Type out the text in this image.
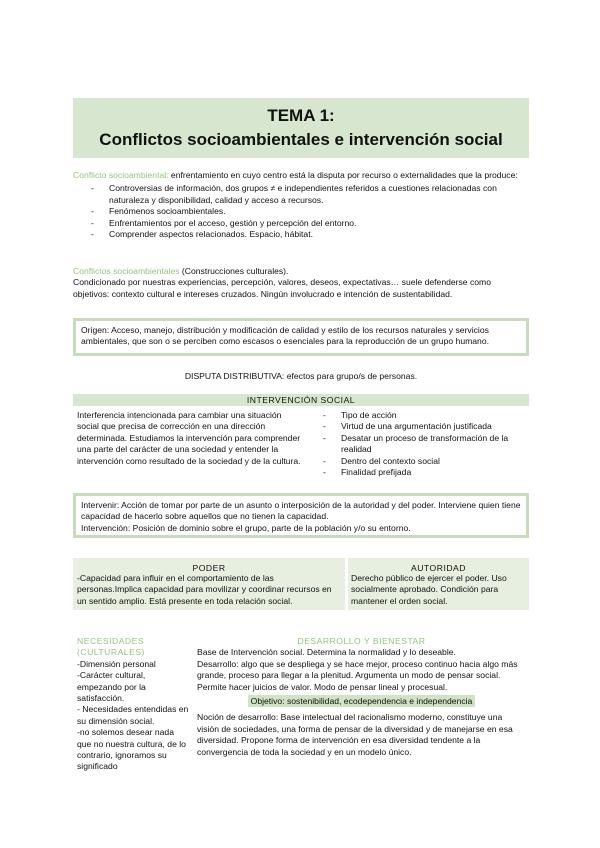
TEMA 1:
Conflictos socioambientales e intervención social
Conflicto socioambiental: enfrentamiento en cuyo centro está la disputa por recurso o externalidades que la produce:
- Controversias de información, dos grupos ≠ e independientes referidos a cuestiones relacionadas con naturaleza y disponibilidad, calidad y acceso a recursos.
- Fenómenos socioambientales.
- Enfrentamientos por el acceso, gestión y percepción del entorno.
- Comprender aspectos relacionados. Espacio, hábitat.
Conflictos socioambientales (Construcciones culturales).
Condicionado por nuestras experiencias, percepción, valores, deseos, expectativas… suele defenderse como objetivos: contexto cultural e intereses cruzados. Ningún involucrado e intención de sustentabilidad.
Origen: Acceso, manejo, distribución y modificación de calidad y estilo de los recursos naturales y servicios ambientales, que son o se perciben como escasos o esenciales para la reproducción de un grupo humano.
DISPUTA DISTRIBUTIVA: efectos para grupo/s de personas.
INTERVENCIÓN SOCIAL
Interferencia intencionada para cambiar una situación social que precisa de corrección en una dirección determinada. Estudiamos la intervención para comprender una parte del carácter de una sociedad y entender la intervención como resultado de la sociedad y de la cultura.
- Tipo de acción
- Virtud de una argumentación justificada
- Desatar un proceso de transformación de la realidad
- Dentro del contexto social
- Finalidad prefijada
Intervenir: Acción de tomar por parte de un asunto o interposición de la autoridad y del poder. Interviene quien tiene capacidad de hacerlo sobre aquellos que no tienen la capacidad.
Intervención: Posición de dominio sobre el grupo, parte de la población y/o su entorno.
PODER
-Capacidad para influir en el comportamiento de las personas.Implica capacidad para movilizar y coordinar recursos en un sentido amplio. Está presente en toda relación social.
AUTORIDAD
Derecho público de ejercer el poder. Uso socialmente aprobado. Condición para mantener el orden social.
NECESIDADES (CULTURALES)
-Dimensión personal
-Carácter cultural, empezando por la satisfacción.
- Necesidades entendidas en su dimensión social.
-no solemos desear nada que no nuestra cultura, de lo contrario, ignoramos su significado
DESARROLLO Y BIENESTAR
Base de Intervención social. Determina la normalidad y lo deseable.
Desarrollo: algo que se despliega y se hace mejor, proceso continuo hacia algo más grande, proceso para llegar a la plenitud. Argumenta un modo de pensar social. Permite hacer juicios de valor. Modo de pensar lineal y procesual.
Objetivo: sostenibilidad, ecodependencia e independencia
Noción de desarrollo: Base intelectual del racionalismo moderno, constituye una visión de sociedades, una forma de pensar de la diversidad y de manejarse en esa diversidad. Propone forma de intervención en esa diversidad tendente a la convergencia de toda la sociedad y en un modelo único.
